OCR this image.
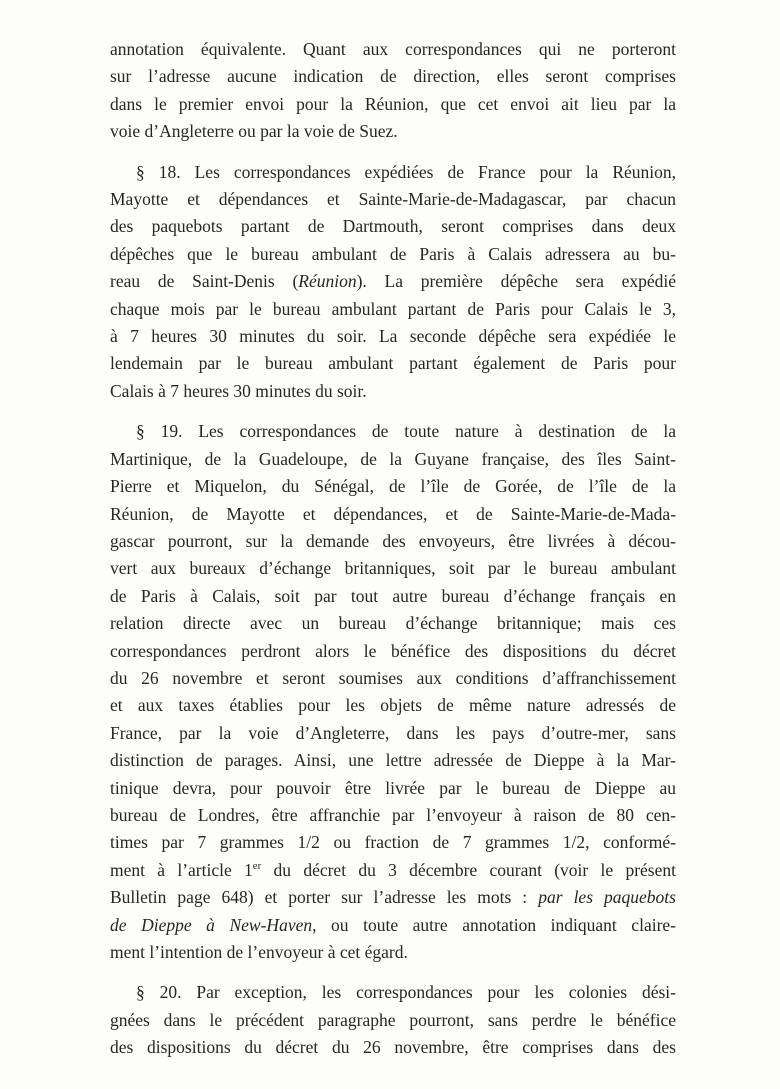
annotation équivalente. Quant aux correspondances qui ne porteront
sur l’adresse aucune indication de direction, elles seront comprises
dans le premier envoi pour la Réunion, que cet envoi ait lieu par la
voie d’Angleterre ou par la voie de Suez.
§ 18. Les correspondances expédiées de France pour la Réunion,
Mayotte et dépendances et Sainte-Marie-de-Madagascar, par chacun
des paquebots partant de Dartmouth, seront comprises dans deux
dépêches que le bureau ambulant de Paris à Calais adressera au bu-
reau de Saint-Denis (Réunion). La première dépêche sera expédié
chaque mois par le bureau ambulant partant de Paris pour Calais le 3,
à 7 heures 30 minutes du soir. La seconde dépêche sera expédiée le
lendemain par le bureau ambulant partant également de Paris pour
Calais à 7 heures 30 minutes du soir.
§ 19. Les correspondances de toute nature à destination de la
Martinique, de la Guadeloupe, de la Guyane française, des îles Saint-
Pierre et Miquelon, du Sénégal, de l’île de Gorée, de l’île de la
Réunion, de Mayotte et dépendances, et de Sainte-Marie-de-Mada-
gascar pourront, sur la demande des envoyeurs, être livrées à décou-
vert aux bureaux d’échange britanniques, soit par le bureau ambulant
de Paris à Calais, soit par tout autre bureau d’échange français en
relation directe avec un bureau d’échange britannique; mais ces
correspondances perdront alors le bénéfice des dispositions du décret
du 26 novembre et seront soumises aux conditions d’affranchissement
et aux taxes établies pour les objets de même nature adressés de
France, par la voie d’Angleterre, dans les pays d’outre-mer, sans
distinction de parages. Ainsi, une lettre adressée de Dieppe à la Mar-
tinique devra, pour pouvoir être livrée par le bureau de Dieppe au
bureau de Londres, être affranchie par l’envoyeur à raison de 80 cen-
times par 7 grammes 1/2 ou fraction de 7 grammes 1/2, conformé-
ment à l’article 1er du décret du 3 décembre courant (voir le présent
Bulletin page 648) et porter sur l’adresse les mots : par les paquebots
de Dieppe à New-Haven, ou toute autre annotation indiquant claire-
ment l’intention de l’envoyeur à cet égard.
§ 20. Par exception, les correspondances pour les colonies dési-
gnées dans le précédent paragraphe pourront, sans perdre le bénéfice
des dispositions du décret du 26 novembre, être comprises dans des
